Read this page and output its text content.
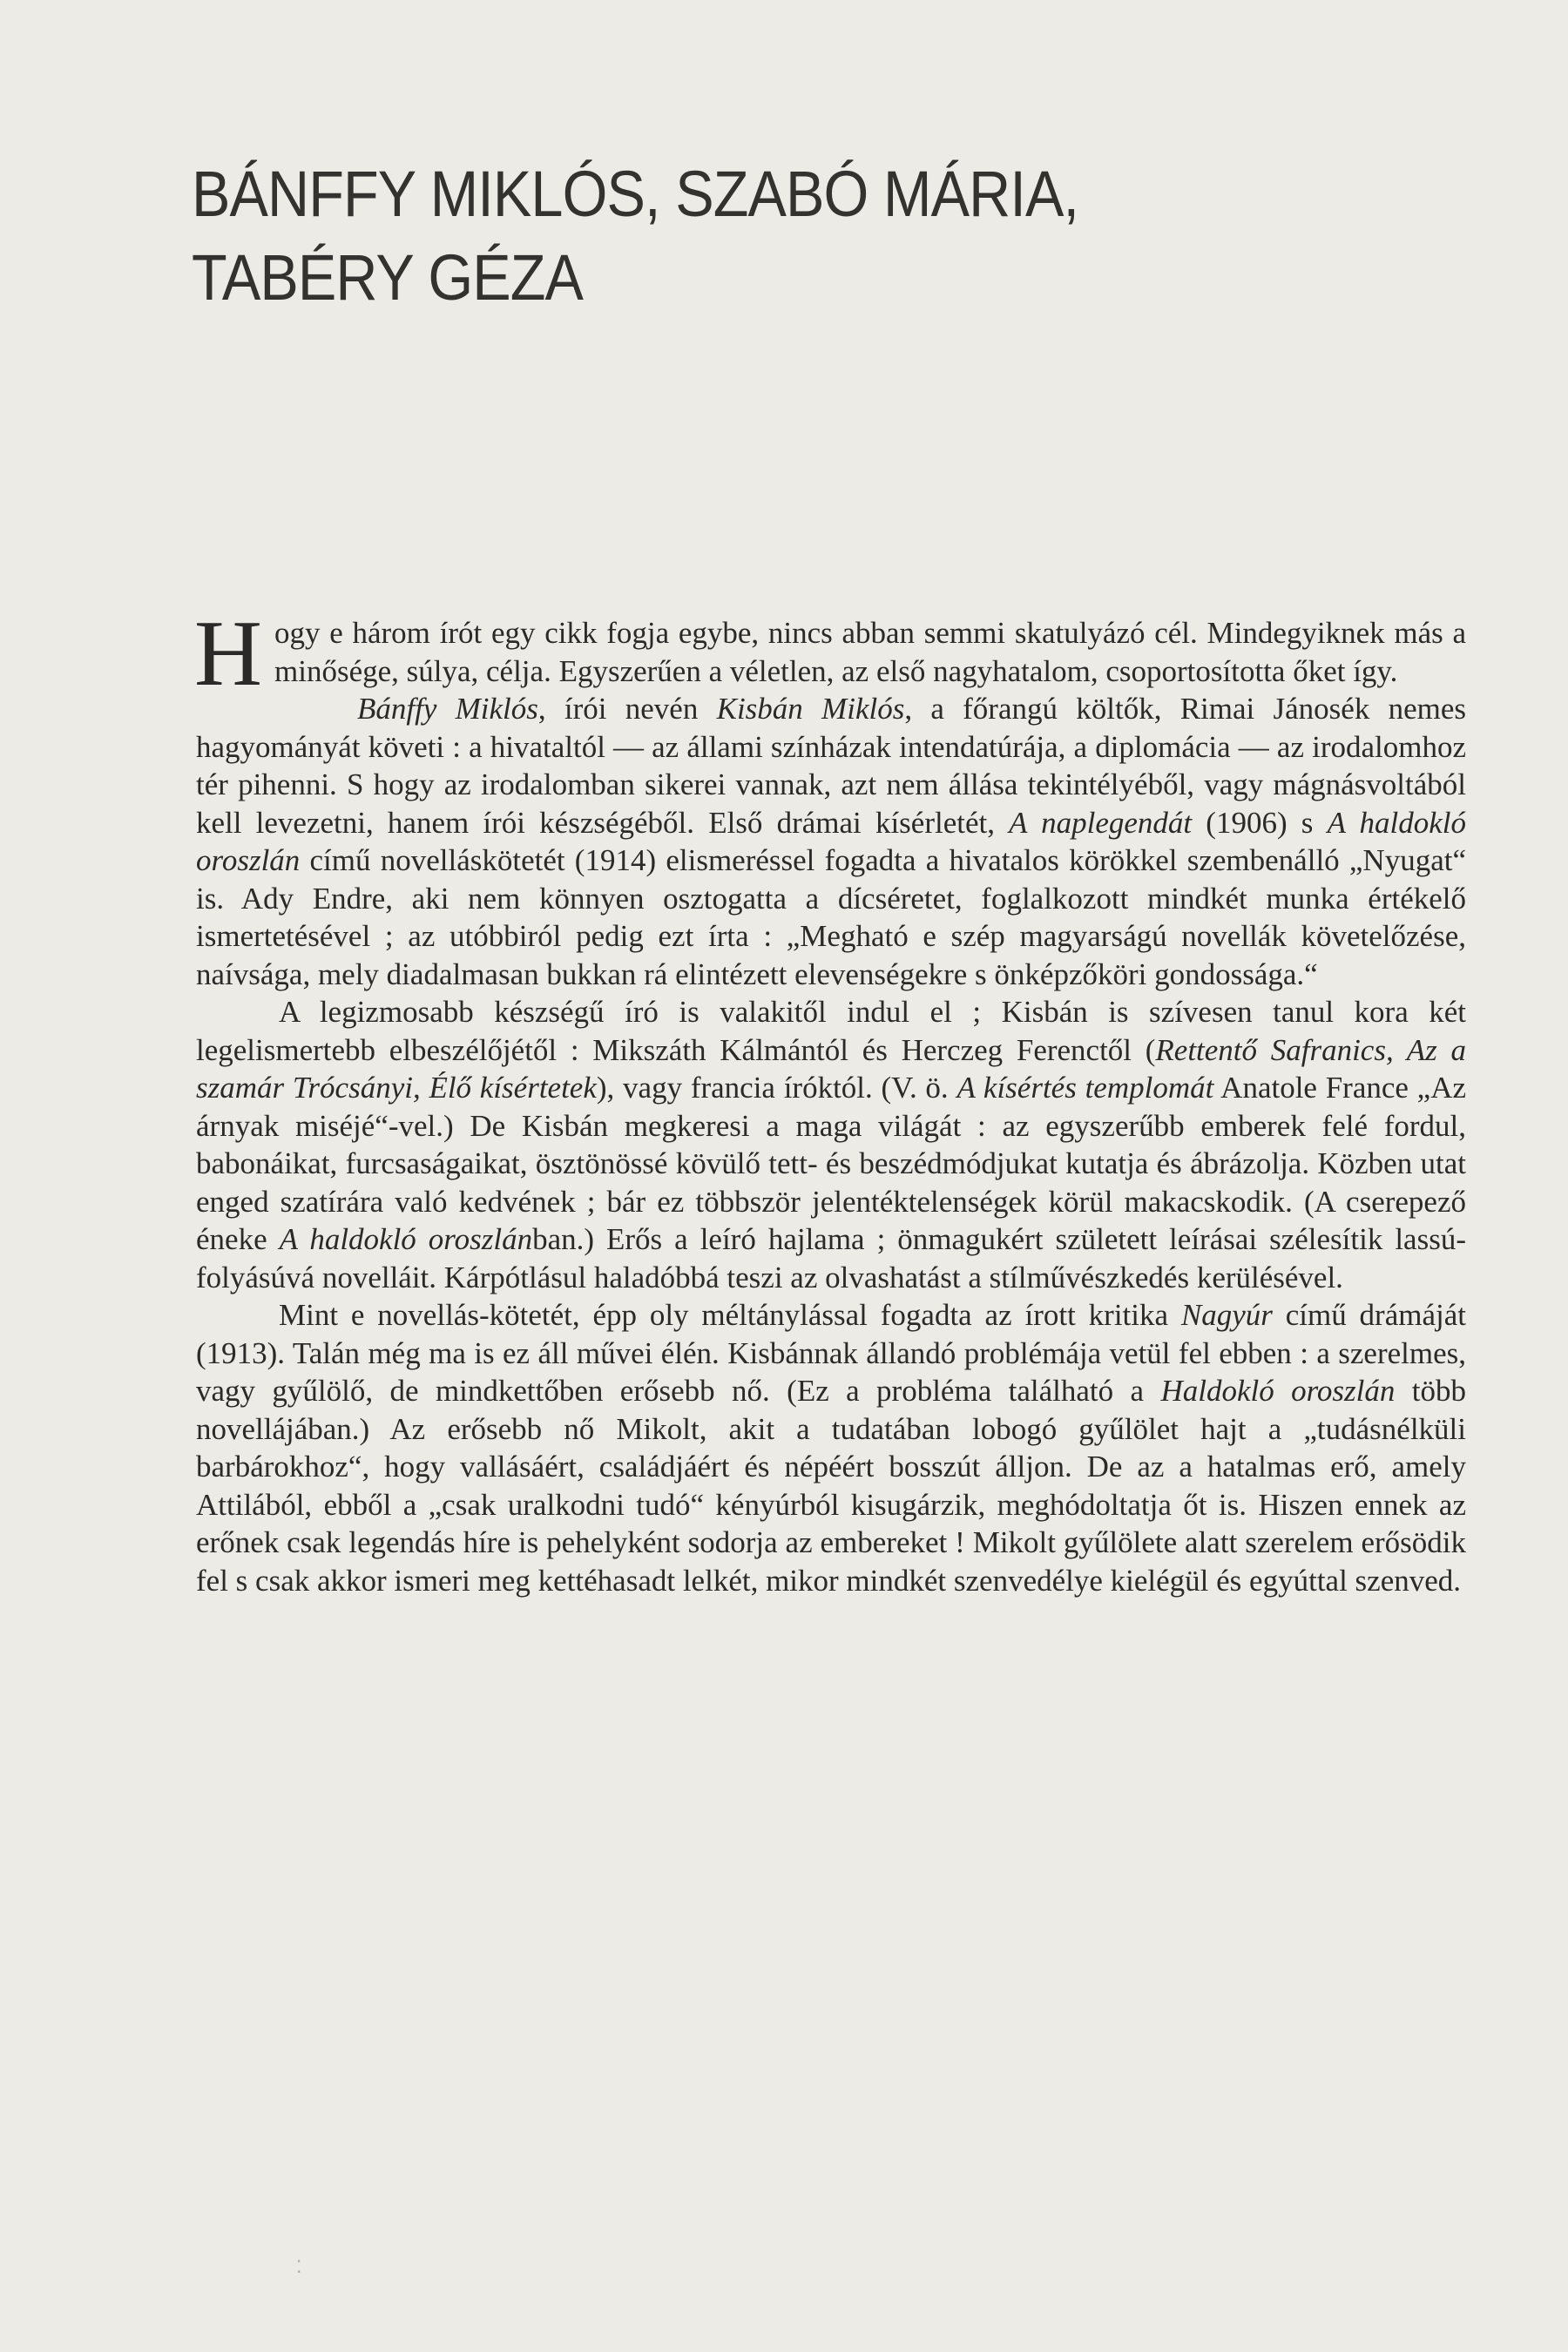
BÁNFFY MIKLÓS, SZABÓ MÁRIA,
TABÉRY GÉZA

Hogy e három írót egy cikk fogja egybe, nincs abban semmi skatulyázó cél. Mindegyiknek más a minősége, súlya, célja. Egyszerűen a véletlen, az első nagyhatalom, csoportosította őket így.

Bánffy Miklós, írói nevén Kisbán Miklós, a főrangú költők, Rimai Jánosék nemes hagyományát követi : a hivataltól — az állami színházak intendatúrája, a diplomácia — az irodalomhoz tér pihenni. S hogy az irodalomban sikerei vannak, azt nem állása tekintélyéből, vagy mágnásvoltából kell levezetni, hanem írói készségéből. Első drámai kísérletét, A naplegendát (1906) s A haldokló oroszlán című novelláskötetét (1914) elismeréssel fogadta a hivatalos körökkel szembenálló „Nyugat“ is. Ady Endre, aki nem könnyen osztogatta a dícséretet, foglalkozott mindkét munka értékelő ismertetésével ; az utóbbiról pedig ezt írta : „Megható e szép magyarságú novellák követelőzése, naívsága, mely diadalmasan bukkan rá elintézett elevenségekre s önképzőköri gondossága.“

A legizmosabb készségű író is valakitől indul el ; Kisbán is szívesen tanul kora két legelismertebb elbeszélőjétől : Mikszáth Kálmántól és Herczeg Ferenctől (Rettentő Safranics, Az a szamár Trócsányi, Élő kísértetek), vagy francia íróktól. (V. ö. A kísértés templomát Anatole France „Az árnyak miséjé“-vel.) De Kisbán megkeresi a maga világát : az egyszerűbb emberek felé fordul, babonáikat, furcsaságaikat, ösztönössé kövülő tett- és beszédmódjukat kutatja és ábrázolja. Közben utat enged szatírára való kedvének ; bár ez többször jelentéktelenségek körül makacskodik. (A cserepező éneke A haldokló oroszlánban.) Erős a leíró hajlama ; önmagukért született leírásai szélesítik lassúfolyásúvá novelláit. Kárpótlásul haladóbbá teszi az olvashatást a stílművészkedés kerülésével.

Mint e novellás-kötetét, épp oly méltánylással fogadta az írott kritika Nagyúr című drámáját (1913). Talán még ma is ez áll művei élén. Kisbánnak állandó problémája vetül fel ebben : a szerelmes, vagy gyűlölő, de mindkettőben erősebb nő. (Ez a probléma található a Haldokló oroszlán több novellájában.) Az erősebb nő Mikolt, akit a tudatában lobogó gyűlölet hajt a „tudásnélküli barbárokhoz“, hogy vallásáért, családjáért és népéért bosszút álljon. De az a hatalmas erő, amely Attilából, ebből a „csak uralkodni tudó“ kényúrból kisugárzik, meghódoltatja őt is. Hiszen ennek az erőnek csak legendás híre is pehelyként sodorja az embereket ! Mikolt gyűlölete alatt szerelem erősödik fel s csak akkor ismeri meg kettéhasadt lelkét, mikor mindkét szenvedélye kielégül és egyúttal szenved.

⁚
